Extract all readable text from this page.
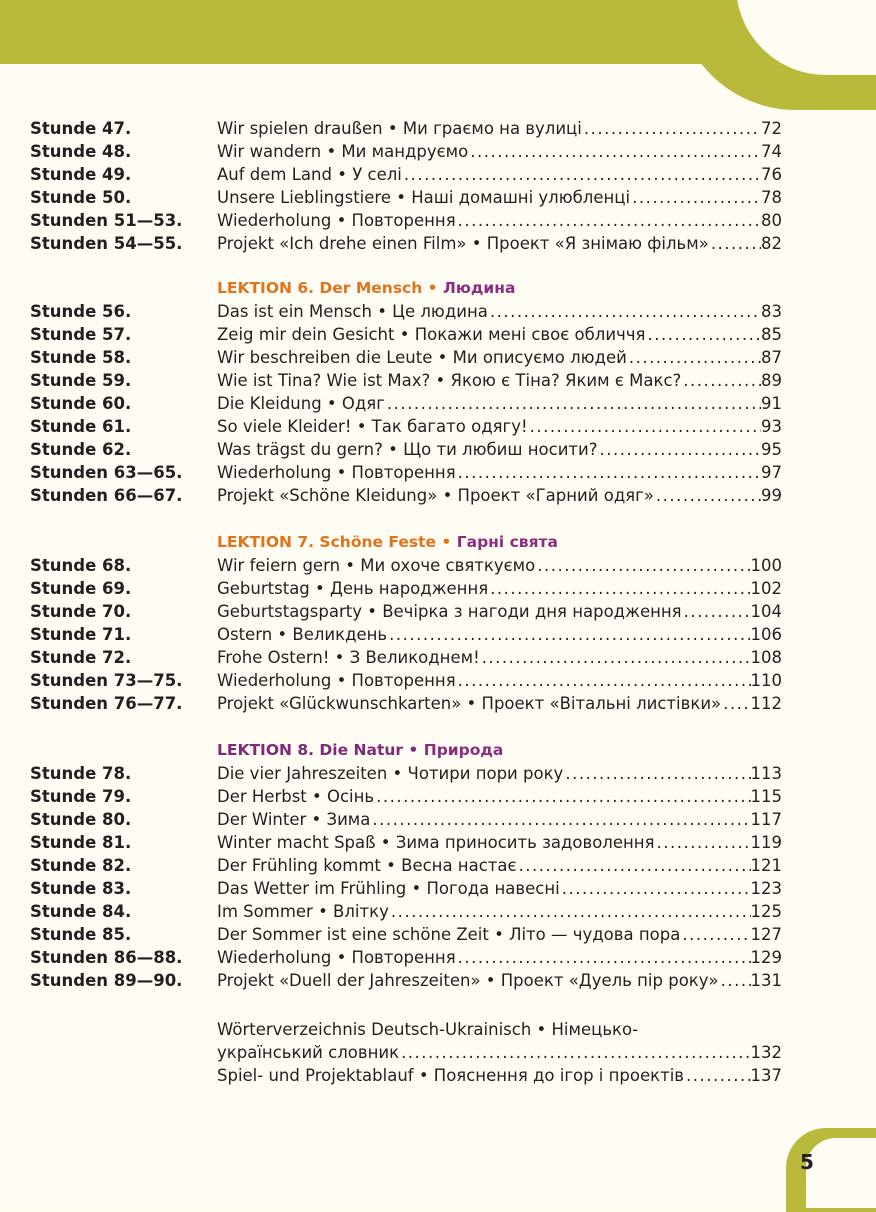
Stunde 47.	Wir spielen draußen • Ми граємо на вулиці .....	72
Stunde 48.	Wir wandern • Ми мандруємо .....	74
Stunde 49.	Auf dem Land • У селі .....	76
Stunde 50.	Unsere Lieblingstiere • Наші домашні улюбленці .....	78
Stunden 51—53. Wiederholung • Повторення .....	80
Stunden 54—55. Projekt «Ich drehe einen Film» • Проект «Я знімаю фільм» .....	82
LEKTION 6. Der Mensch • Людина
Stunde 56.	Das ist ein Mensch • Це людина .....	83
Stunde 57.	Zeig mir dein Gesicht • Покажи мені своє обличчя .....	85
Stunde 58.	Wir beschreiben die Leute • Ми описуємо людей .....	87
Stunde 59.	Wie ist Tina? Wie ist Max? • Якою є Тіна? Яким є Макс? .....	89
Stunde 60.	Die Kleidung • Одяг .....	91
Stunde 61.	So viele Kleider! • Так багато одягу! .....	93
Stunde 62.	Was trägst du gern? • Що ти любиш носити? .....	95
Stunden 63—65. Wiederholung • Повторення .....	97
Stunden 66—67. Projekt «Schöne Kleidung» • Проект «Гарний одяг» .....	99
LEKTION 7. Schöne Feste • Гарні свята
Stunde 68.	Wir feiern gern • Ми охоче святкуємо .....	100
Stunde 69.	Geburtstag • День народження .....	102
Stunde 70.	Geburtstagsparty • Вечірка з нагоди дня народження .....	104
Stunde 71.	Ostern • Великдень .....	106
Stunde 72.	Frohe Ostern! • З Великоднем! .....	108
Stunden 73—75. Wiederholung • Повторення .....	110
Stunden 76—77. Projekt «Glückwunschkarten» • Проект «Вітальні листівки» ..... 112
LEKTION 8. Die Natur • Природа
Stunde 78.	Die vier Jahreszeiten • Чотири пори року .....	113
Stunde 79.	Der Herbst • Осінь .....	115
Stunde 80.	Der Winter • Зима .....	117
Stunde 81.	Winter macht Spaß • Зима приносить задоволення .....	119
Stunde 82.	Der Frühling kommt • Весна настає .....	121
Stunde 83.	Das Wetter im Frühling • Погода навесні .....	123
Stunde 84.	Im Sommer • Влітку .....	125
Stunde 85.	Der Sommer ist eine schöne Zeit • Літо — чудова пора .....	127
Stunden 86—88. Wiederholung • Повторення .....	129
Stunden 89—90. Projekt «Duell der Jahreszeiten» • Проект «Дуель пір року» ..... 131
Wörterverzeichnis Deutsch-Ukrainisch • Німецько-
український словник .....	132
Spiel- und Projektablauf • Пояснення до ігор і проектів .....	137
5
